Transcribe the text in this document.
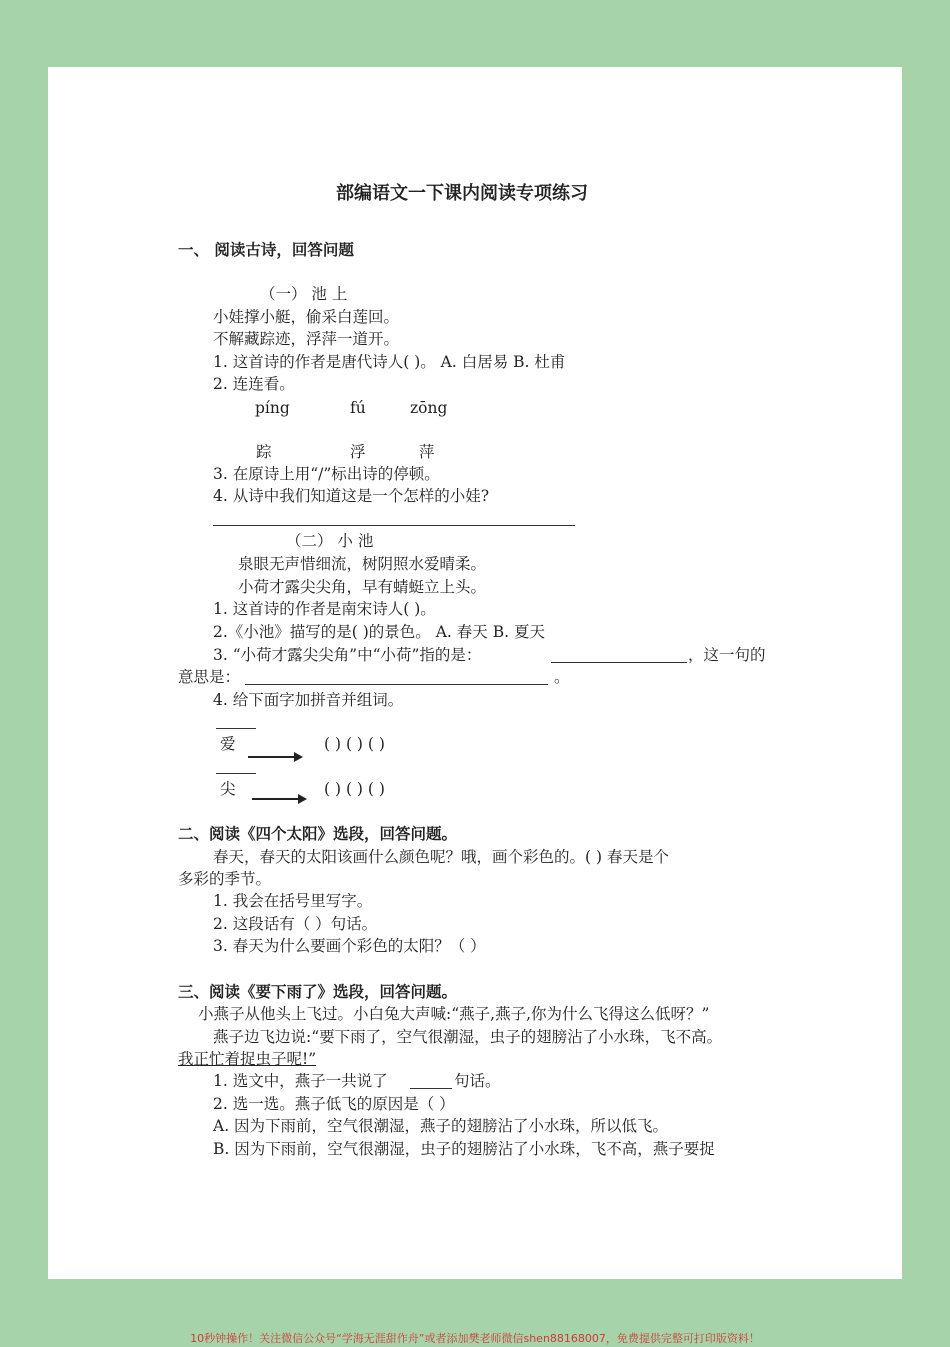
部编语文一下课内阅读专项练习
一、 阅读古诗，回答问题
（一） 池 上
小娃撑小艇，偷采白莲回。
不解藏踪迹，浮萍一道开。
1. 这首诗的作者是唐代诗人( )。 A. 白居易 B. 杜甫
2. 连连看。
píng	fú	zōng
踪	浮	萍
3. 在原诗上用“/”标出诗的停顿。
4. 从诗中我们知道这是一个怎样的小娃?
（二） 小 池
泉眼无声惜细流，树阴照水爱晴柔。
小荷才露尖尖角，早有蜻蜓立上头。
1. 这首诗的作者是南宋诗人( )。
2.《小池》描写的是( )的景色。 A. 春天 B. 夏天
3. “小荷才露尖尖角”中“小荷”指的是：	，这一句的
意思是：	。
4. 给下面字加拼音并组词。
爱	( ) ( ) ( )
尖	( ) ( ) ( )
二、阅读《四个太阳》选段，回答问题。
春天，春天的太阳该画什么颜色呢？哦，画个彩色的。( ) 春天是个
多彩的季节。
1. 我会在括号里写字。
2. 这段话有（ ）句话。
3. 春天为什么要画个彩色的太阳？（ ）
三、阅读《要下雨了》选段，回答问题。
小燕子从他头上飞过。小白兔大声喊:“燕子,燕子,你为什么飞得这么低呀？”
燕子边飞边说:“要下雨了，空气很潮湿，虫子的翅膀沾了小水珠，飞不高。
我正忙着捉虫子呢!”
1. 选文中，燕子一共说了	句话。
2. 选一选。燕子低飞的原因是（ ）
A. 因为下雨前，空气很潮湿，燕子的翅膀沾了小水珠，所以低飞。
B. 因为下雨前，空气很潮湿，虫子的翅膀沾了小水珠，飞不高，燕子要捉
10秒钟操作！关注微信公众号“学海无涯甜作舟”或者添加樊老师微信shen88168007，免费提供完整可打印版资料！
